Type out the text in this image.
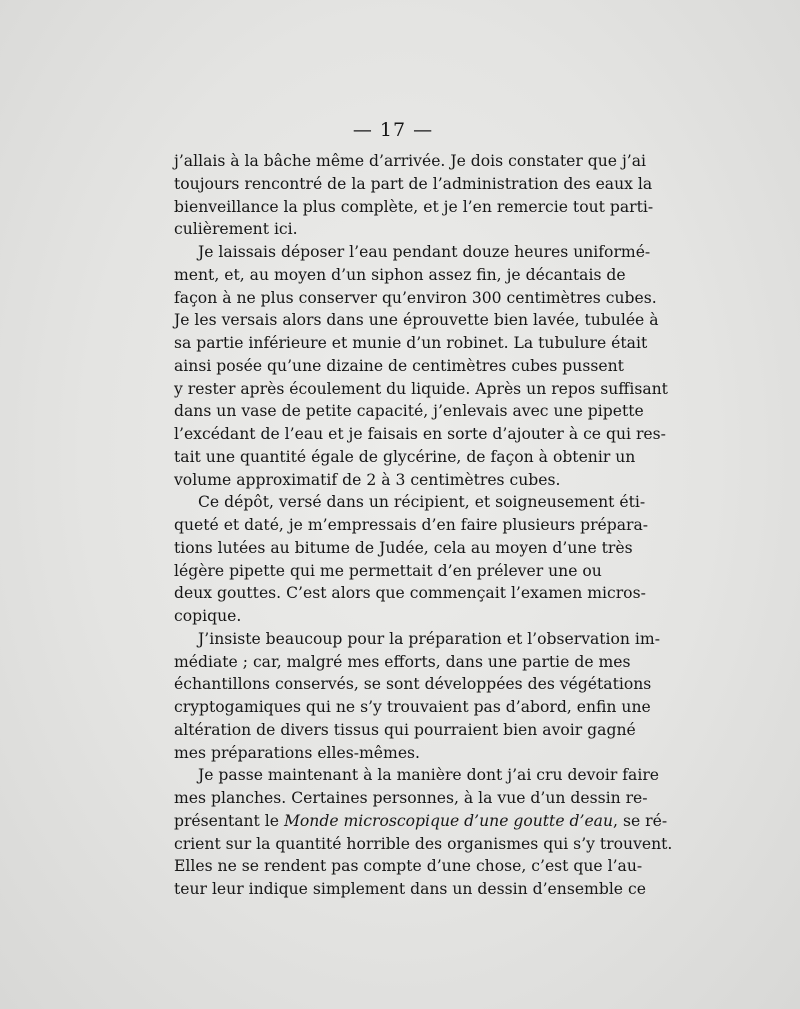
— 17 —
j’allais à la bâche même d’arrivée. Je dois constater que j’ai
toujours rencontré de la part de l’administration des eaux la
bienveillance la plus complète, et je l’en remercie tout parti-
culièrement ici.
Je laissais déposer l’eau pendant douze heures uniformé-
ment, et, au moyen d’un siphon assez fin, je décantais de
façon à ne plus conserver qu’environ 300 centimètres cubes.
Je les versais alors dans une éprouvette bien lavée, tubulée à
sa partie inférieure et munie d’un robinet. La tubulure était
ainsi posée qu’une dizaine de centimètres cubes pussent
y rester après écoulement du liquide. Après un repos suffisant
dans un vase de petite capacité, j’enlevais avec une pipette
l’excédant de l’eau et je faisais en sorte d’ajouter à ce qui res-
tait une quantité égale de glycérine, de façon à obtenir un
volume approximatif de 2 à 3 centimètres cubes.
Ce dépôt, versé dans un récipient, et soigneusement éti-
queté et daté, je m’empressais d’en faire plusieurs prépara-
tions lutées au bitume de Judée, cela au moyen d’une très
légère pipette qui me permettait d’en prélever une ou
deux gouttes. C’est alors que commençait l’examen micros-
copique.
J’insiste beaucoup pour la préparation et l’observation im-
médiate ; car, malgré mes efforts, dans une partie de mes
échantillons conservés, se sont développées des végétations
cryptogamiques qui ne s’y trouvaient pas d’abord, enfin une
altération de divers tissus qui pourraient bien avoir gagné
mes préparations elles-mêmes.
Je passe maintenant à la manière dont j’ai cru devoir faire
mes planches. Certaines personnes, à la vue d’un dessin re-
présentant le Monde microscopique d’une goutte d’eau, se ré-
crient sur la quantité horrible des organismes qui s’y trouvent.
Elles ne se rendent pas compte d’une chose, c’est que l’au-
teur leur indique simplement dans un dessin d’ensemble ce
